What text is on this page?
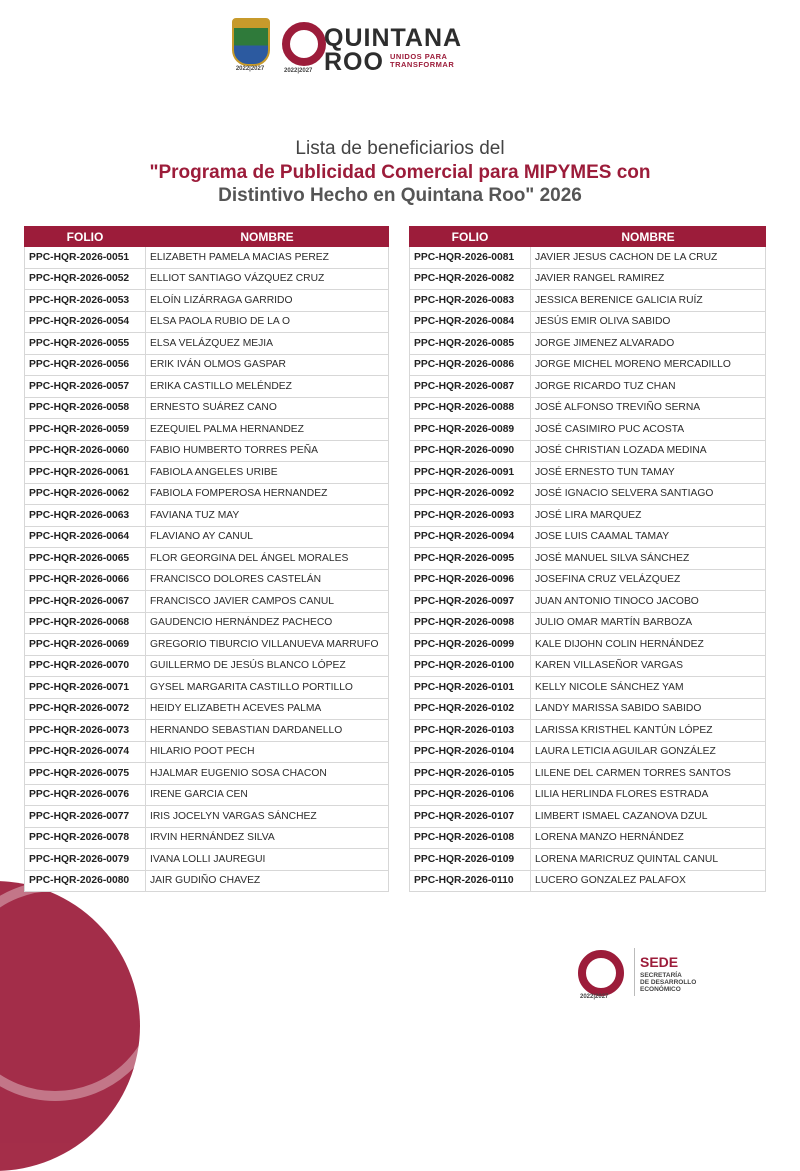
2022|2027
QUINTANA
ROO UNIDOS PARA TRANSFORMAR
2022|2027
Lista de beneficiarios del
"Programa de Publicidad Comercial para MIPYMES con
Distintivo Hecho en Quintana Roo" 2026
FOLIO	NOMBRE
PPC-HQR-2026-0051	ELIZABETH PAMELA MACIAS PEREZ
PPC-HQR-2026-0052	ELLIOT SANTIAGO VÁZQUEZ CRUZ
PPC-HQR-2026-0053	ELOÍN LIZÁRRAGA GARRIDO
PPC-HQR-2026-0054	ELSA PAOLA RUBIO DE LA O
PPC-HQR-2026-0055	ELSA VELÁZQUEZ MEJIA
PPC-HQR-2026-0056	ERIK IVÁN OLMOS GASPAR
PPC-HQR-2026-0057	ERIKA CASTILLO MELÉNDEZ
PPC-HQR-2026-0058	ERNESTO SUÁREZ CANO
PPC-HQR-2026-0059	EZEQUIEL PALMA HERNANDEZ
PPC-HQR-2026-0060	FABIO HUMBERTO TORRES PEÑA
PPC-HQR-2026-0061	FABIOLA ANGELES URIBE
PPC-HQR-2026-0062	FABIOLA FOMPEROSA HERNANDEZ
PPC-HQR-2026-0063	FAVIANA TUZ MAY
PPC-HQR-2026-0064	FLAVIANO AY CANUL
PPC-HQR-2026-0065	FLOR GEORGINA DEL ÁNGEL MORALES
PPC-HQR-2026-0066	FRANCISCO DOLORES CASTELÁN
PPC-HQR-2026-0067	FRANCISCO JAVIER CAMPOS CANUL
PPC-HQR-2026-0068	GAUDENCIO HERNÁNDEZ PACHECO
PPC-HQR-2026-0069	GREGORIO TIBURCIO VILLANUEVA MARRUFO
PPC-HQR-2026-0070	GUILLERMO DE JESÚS BLANCO LÓPEZ
PPC-HQR-2026-0071	GYSEL MARGARITA CASTILLO PORTILLO
PPC-HQR-2026-0072	HEIDY ELIZABETH ACEVES PALMA
PPC-HQR-2026-0073	HERNANDO SEBASTIAN DARDANELLO
PPC-HQR-2026-0074	HILARIO POOT PECH
PPC-HQR-2026-0075	HJALMAR EUGENIO SOSA CHACON
PPC-HQR-2026-0076	IRENE GARCIA CEN
PPC-HQR-2026-0077	IRIS JOCELYN VARGAS SÁNCHEZ
PPC-HQR-2026-0078	IRVIN HERNÁNDEZ SILVA
PPC-HQR-2026-0079	IVANA LOLLI JAUREGUI
PPC-HQR-2026-0080	JAIR GUDIÑO CHAVEZ
FOLIO	NOMBRE
PPC-HQR-2026-0081	JAVIER JESUS CACHON DE LA CRUZ
PPC-HQR-2026-0082	JAVIER RANGEL RAMIREZ
PPC-HQR-2026-0083	JESSICA BERENICE GALICIA RUÍZ
PPC-HQR-2026-0084	JESÚS EMIR OLIVA SABIDO
PPC-HQR-2026-0085	JORGE JIMENEZ ALVARADO
PPC-HQR-2026-0086	JORGE MICHEL MORENO MERCADILLO
PPC-HQR-2026-0087	JORGE RICARDO TUZ CHAN
PPC-HQR-2026-0088	JOSÉ ALFONSO TREVIÑO SERNA
PPC-HQR-2026-0089	JOSÉ CASIMIRO PUC ACOSTA
PPC-HQR-2026-0090	JOSÉ CHRISTIAN LOZADA MEDINA
PPC-HQR-2026-0091	JOSÉ ERNESTO TUN TAMAY
PPC-HQR-2026-0092	JOSÉ IGNACIO SELVERA SANTIAGO
PPC-HQR-2026-0093	JOSÉ LIRA MARQUEZ
PPC-HQR-2026-0094	JOSE LUIS CAAMAL TAMAY
PPC-HQR-2026-0095	JOSÉ MANUEL SILVA SÁNCHEZ
PPC-HQR-2026-0096	JOSEFINA CRUZ VELÁZQUEZ
PPC-HQR-2026-0097	JUAN ANTONIO TINOCO JACOBO
PPC-HQR-2026-0098	JULIO OMAR MARTÍN BARBOZA
PPC-HQR-2026-0099	KALE DIJOHN COLIN HERNÁNDEZ
PPC-HQR-2026-0100	KAREN VILLASEÑOR VARGAS
PPC-HQR-2026-0101	KELLY NICOLE SÁNCHEZ YAM
PPC-HQR-2026-0102	LANDY MARISSA SABIDO SABIDO
PPC-HQR-2026-0103	LARISSA KRISTHEL KANTÚN LÓPEZ
PPC-HQR-2026-0104	LAURA LETICIA AGUILAR GONZÁLEZ
PPC-HQR-2026-0105	LILENE DEL CARMEN TORRES SANTOS
PPC-HQR-2026-0106	LILIA HERLINDA FLORES ESTRADA
PPC-HQR-2026-0107	LIMBERT ISMAEL CAZANOVA DZUL
PPC-HQR-2026-0108	LORENA MANZO HERNÁNDEZ
PPC-HQR-2026-0109	LORENA MARICRUZ QUINTAL CANUL
PPC-HQR-2026-0110	LUCERO GONZALEZ PALAFOX
2022|2027
SEDE
SECRETARÍA
DE DESARROLLO
ECONÓMICO
